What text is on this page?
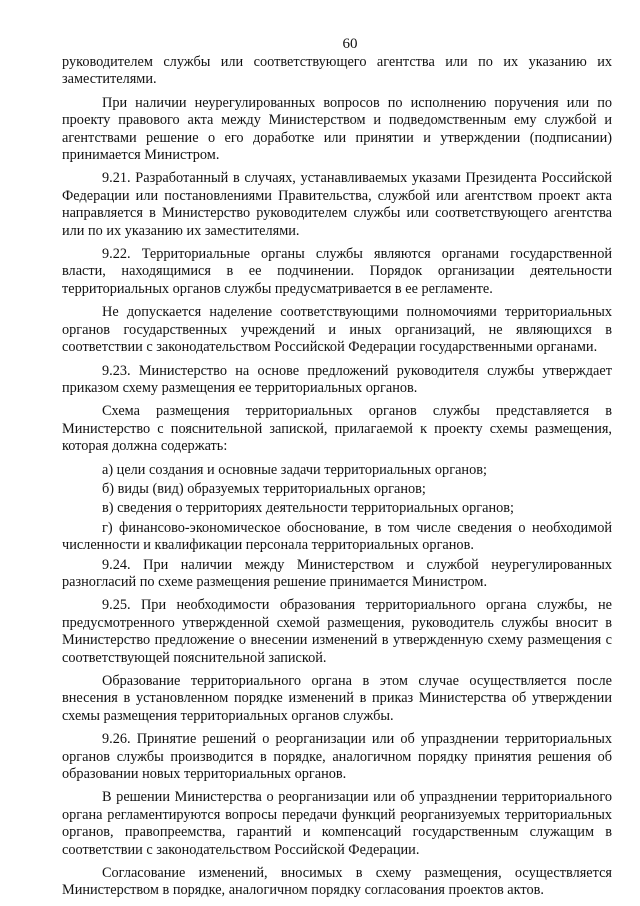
60

руководителем службы или соответствующего агентства или по их указанию их заместителями.

При наличии неурегулированных вопросов по исполнению поручения или по проекту правового акта между Министерством и подведомственным ему службой и агентствами решение о его доработке или принятии и утверждении (подписании) принимается Министром.

9.21. Разработанный в случаях, устанавливаемых указами Президента Российской Федерации или постановлениями Правительства, службой или агентством проект акта направляется в Министерство руководителем службы или соответствующего агентства или по их указанию их заместителями.

9.22. Территориальные органы службы являются органами государственной власти, находящимися в ее подчинении. Порядок организации деятельности территориальных органов службы предусматривается в ее регламенте.

Не допускается наделение соответствующими полномочиями территориальных органов государственных учреждений и иных организаций, не являющихся в соответствии с законодательством Российской Федерации государственными органами.

9.23. Министерство на основе предложений руководителя службы утверждает приказом схему размещения ее территориальных органов.

Схема размещения территориальных органов службы представляется в Министерство с пояснительной запиской, прилагаемой к проекту схемы размещения, которая должна содержать:

а) цели создания и основные задачи территориальных органов;

б) виды (вид) образуемых территориальных органов;

в) сведения о территориях деятельности территориальных органов;

г) финансово-экономическое обоснование, в том числе сведения о необходимой численности и квалификации персонала территориальных органов.

9.24. При наличии между Министерством и службой неурегулированных разногласий по схеме размещения решение принимается Министром.

9.25. При необходимости образования территориального органа службы, не предусмотренного утвержденной схемой размещения, руководитель службы вносит в Министерство предложение о внесении изменений в утвержденную схему размещения с соответствующей пояснительной запиской.

Образование территориального органа в этом случае осуществляется после внесения в установленном порядке изменений в приказ Министерства об утверждении схемы размещения территориальных органов службы.

9.26. Принятие решений о реорганизации или об упразднении территориальных органов службы производится в порядке, аналогичном порядку принятия решения об образовании новых территориальных органов.

В решении Министерства о реорганизации или об упразднении территориального органа регламентируются вопросы передачи функций реорганизуемых территориальных органов, правопреемства, гарантий и компенсаций государственным служащим в соответствии с законодательством Российской Федерации.

Согласование изменений, вносимых в схему размещения, осуществляется Министерством в порядке, аналогичном порядку согласования проектов актов.
